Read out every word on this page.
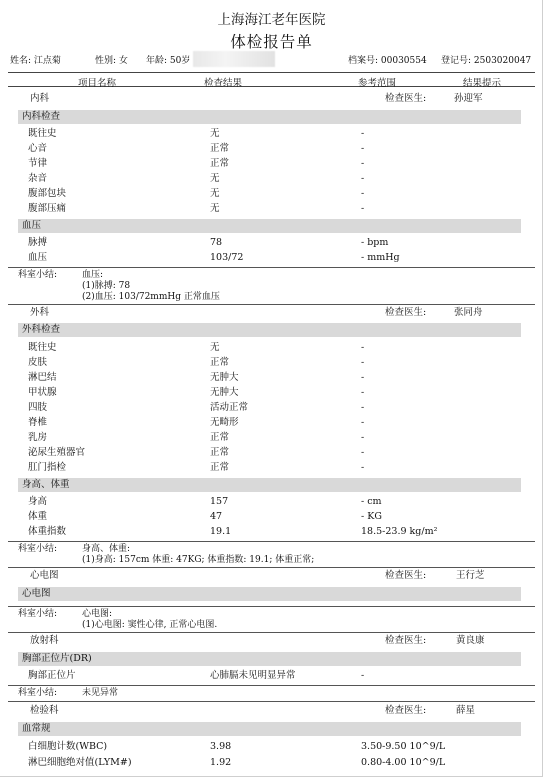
上海海江老年医院
体检报告单
姓名: 江点菊	性别: 女 年龄: 50岁	档案号: 00030554 登记号: 2503020047
项目名称	检查结果	参考范围	结果提示
内科	检查医生:	孙迎军
内科检查
既往史	无	-
心音	正常	-
节律	正常	-
杂音	无	-
腹部包块	无	-
腹部压痛	无	-
血压
脉搏	78	- bpm
血压	103/72	- mmHg
科室小结:	血压:
(1)脉搏: 78
(2)血压: 103/72mmHg 正常血压
外科	检查医生:	张同舟
外科检查
既往史	无	-
皮肤	正常	-
淋巴结	无肿大	-
甲状腺	无肿大	-
四肢	活动正常	-
脊椎	无畸形	-
乳房	正常	-
泌尿生殖器官	正常	-
肛门指检	正常	-
身高、体重
身高	157	- cm
体重	47	- KG
体重指数	19.1	18.5-23.9 kg/m²
科室小结:	身高、体重:
(1)身高: 157cm 体重: 47KG; 体重指数: 19.1; 体重正常;
心电图	检查医生:	王行芝
心电图
科室小结:	心电图:
(1)心电图: 窦性心律, 正常心电图.
放射科	检查医生:	黄良康
胸部正位片(DR)
胸部正位片	心肺膈未见明显异常	-
科室小结:	未见异常
检验科	检查医生:	薛星
血常规
白细胞计数(WBC)	3.98	3.50-9.50 10^9/L
淋巴细胞绝对值(LYM#)	1.92	0.80-4.00 10^9/L
